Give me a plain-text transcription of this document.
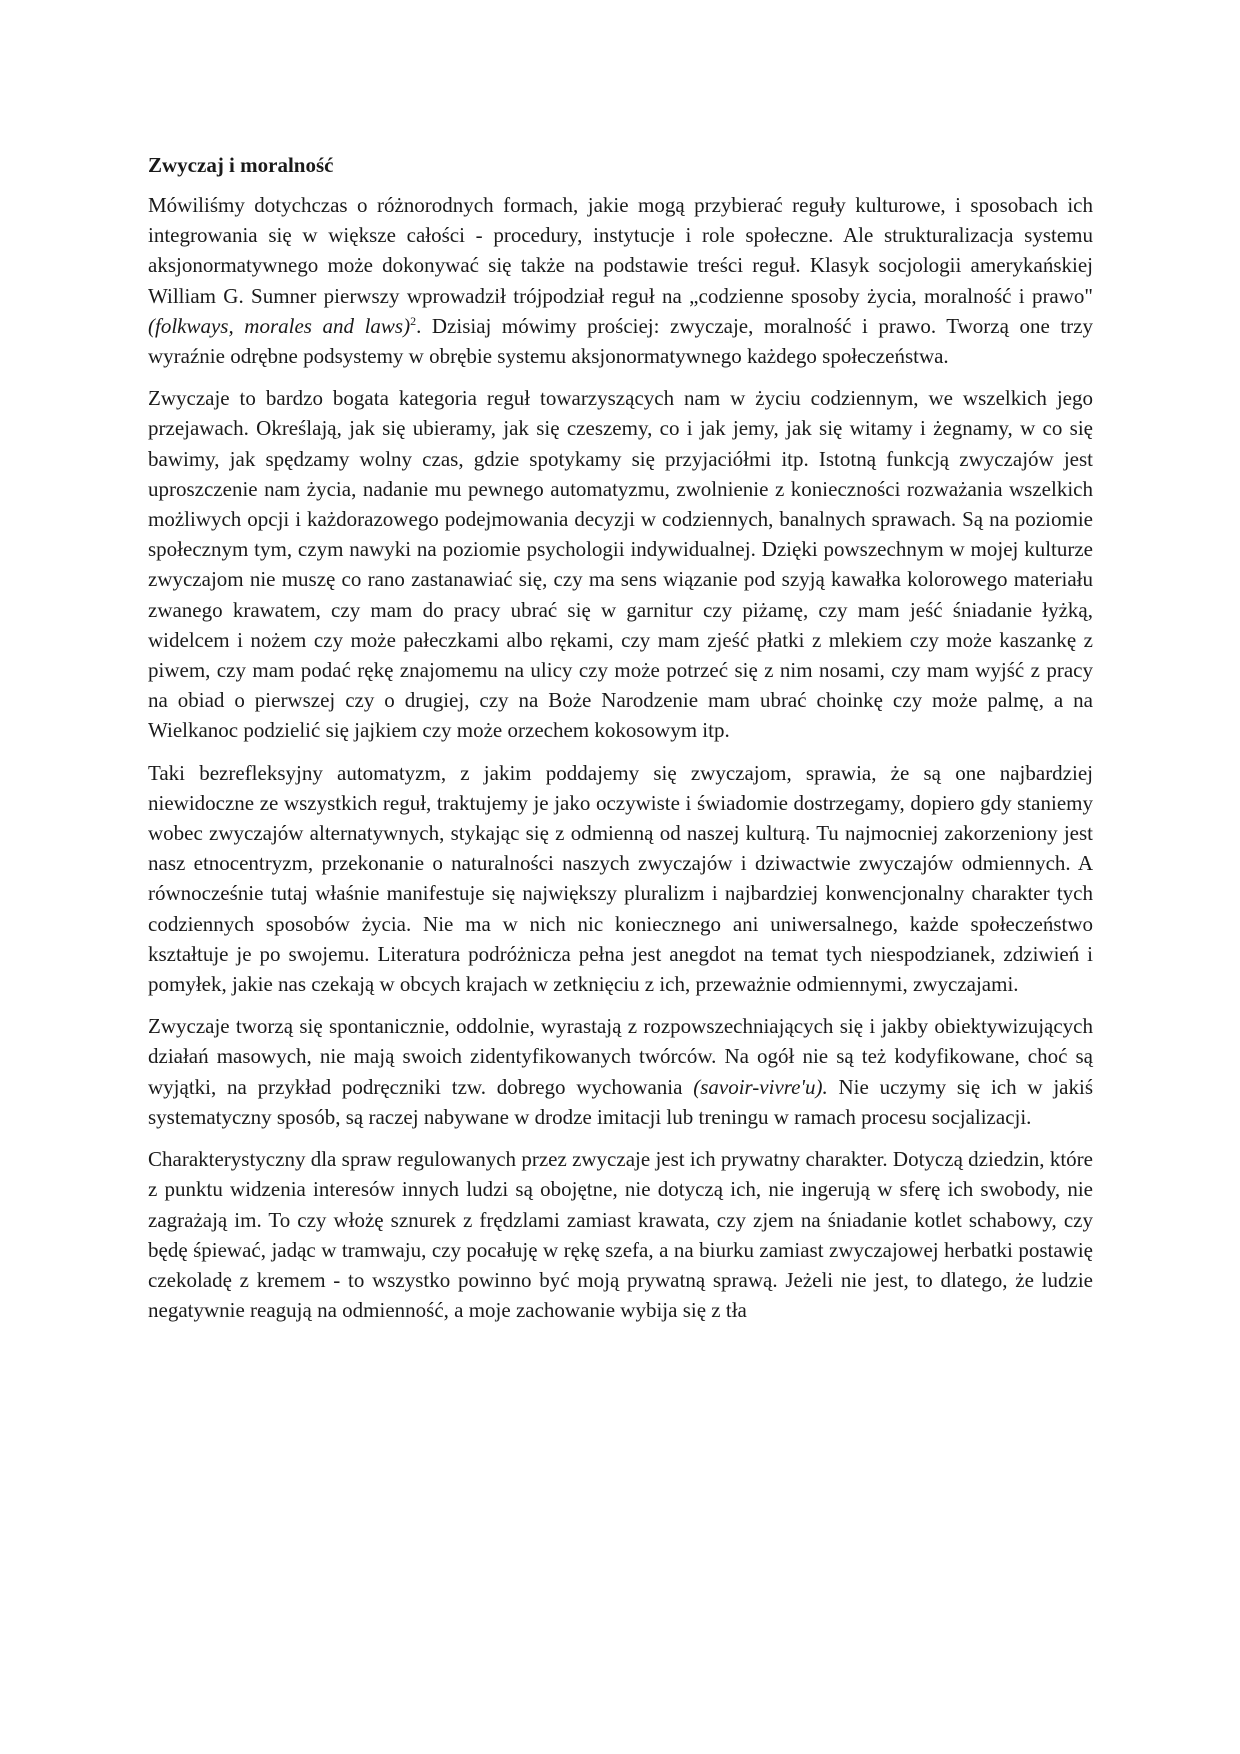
Zwyczaj i moralność

Mówiliśmy dotychczas o różnorodnych formach, jakie mogą przybierać reguły kulturowe, i sposobach ich integrowania się w większe całości - procedury, instytucje i role społeczne. Ale strukturalizacja systemu aksjonormatywnego może dokonywać się także na podstawie treści reguł. Klasyk socjologii amerykańskiej William G. Sumner pierwszy wprowadził trójpodział reguł na „codzienne sposoby życia, moralność i prawo" (folkways, morales and laws)$^2$. Dzisiaj mówimy prościej: zwyczaje, moralność i prawo. Tworzą one trzy wyraźnie odrębne podsystemy w obrębie systemu aksjonormatywnego każdego społeczeństwa.

Zwyczaje to bardzo bogata kategoria reguł towarzyszących nam w życiu codziennym, we wszelkich jego przejawach. Określają, jak się ubieramy, jak się czeszemy, co i jak jemy, jak się witamy i żegnamy, w co się bawimy, jak spędzamy wolny czas, gdzie spotykamy się przyjaciółmi itp. Istotną funkcją zwyczajów jest uproszczenie nam życia, nadanie mu pewnego automatyzmu, zwolnienie z konieczności rozważania wszelkich możliwych opcji i każdorazowego podejmowania decyzji w codziennych, banalnych sprawach. Są na poziomie społecznym tym, czym nawyki na poziomie psychologii indywidualnej. Dzięki powszechnym w mojej kulturze zwyczajom nie muszę co rano zastanawiać się, czy ma sens wiązanie pod szyją kawałka kolorowego materiału zwanego krawatem, czy mam do pracy ubrać się w garnitur czy piżamę, czy mam jeść śniadanie łyżką, widelcem i nożem czy może pałeczkami albo rękami, czy mam zjeść płatki z mlekiem czy może kaszankę z piwem, czy mam podać rękę znajomemu na ulicy czy może potrzeć się z nim nosami, czy mam wyjść z pracy na obiad o pierwszej czy o drugiej, czy na Boże Narodzenie mam ubrać choinkę czy może palmę, a na Wielkanoc podzielić się jajkiem czy może orzechem kokosowym itp.

Taki bezrefleksyjny automatyzm, z jakim poddajemy się zwyczajom, sprawia, że są one najbardziej niewidoczne ze wszystkich reguł, traktujemy je jako oczywiste i świadomie dostrzegamy, dopiero gdy staniemy wobec zwyczajów alternatywnych, stykając się z odmienną od naszej kulturą. Tu najmocniej zakorzeniony jest nasz etnocentryzm, przekonanie o naturalności naszych zwyczajów i dziwactwie zwyczajów odmiennych. A równocześnie tutaj właśnie manifestuje się największy pluralizm i najbardziej konwencjonalny charakter tych codziennych sposobów życia. Nie ma w nich nic koniecznego ani uniwersalnego, każde społeczeństwo kształtuje je po swojemu. Literatura podróżnicza pełna jest anegdot na temat tych niespodzianek, zdziwień i pomyłek, jakie nas czekają w obcych krajach w zetknięciu z ich, przeważnie odmiennymi, zwyczajami.

Zwyczaje tworzą się spontanicznie, oddolnie, wyrastają z rozpowszechniających się i jakby obiektywizujących działań masowych, nie mają swoich zidentyfikowanych twórców. Na ogół nie są też kodyfikowane, choć są wyjątki, na przykład podręczniki tzw. dobrego wychowania (savoir-vivre'u). Nie uczymy się ich w jakiś systematyczny sposób, są raczej nabywane w drodze imitacji lub treningu w ramach procesu socjalizacji.

Charakterystyczny dla spraw regulowanych przez zwyczaje jest ich prywatny charakter. Dotyczą dziedzin, które z punktu widzenia interesów innych ludzi są obojętne, nie dotyczą ich, nie ingerują w sferę ich swobody, nie zagrażają im. To czy włożę sznurek z frędzlami zamiast krawata, czy zjem na śniadanie kotlet schabowy, czy będę śpiewać, jadąc w tramwaju, czy pocałuję w rękę szefa, a na biurku zamiast zwyczajowej herbatki postawię czekoladę z kremem - to wszystko powinno być moją prywatną sprawą. Jeżeli nie jest, to dlatego, że ludzie negatywnie reagują na odmienność, a moje zachowanie wybija się z tła
